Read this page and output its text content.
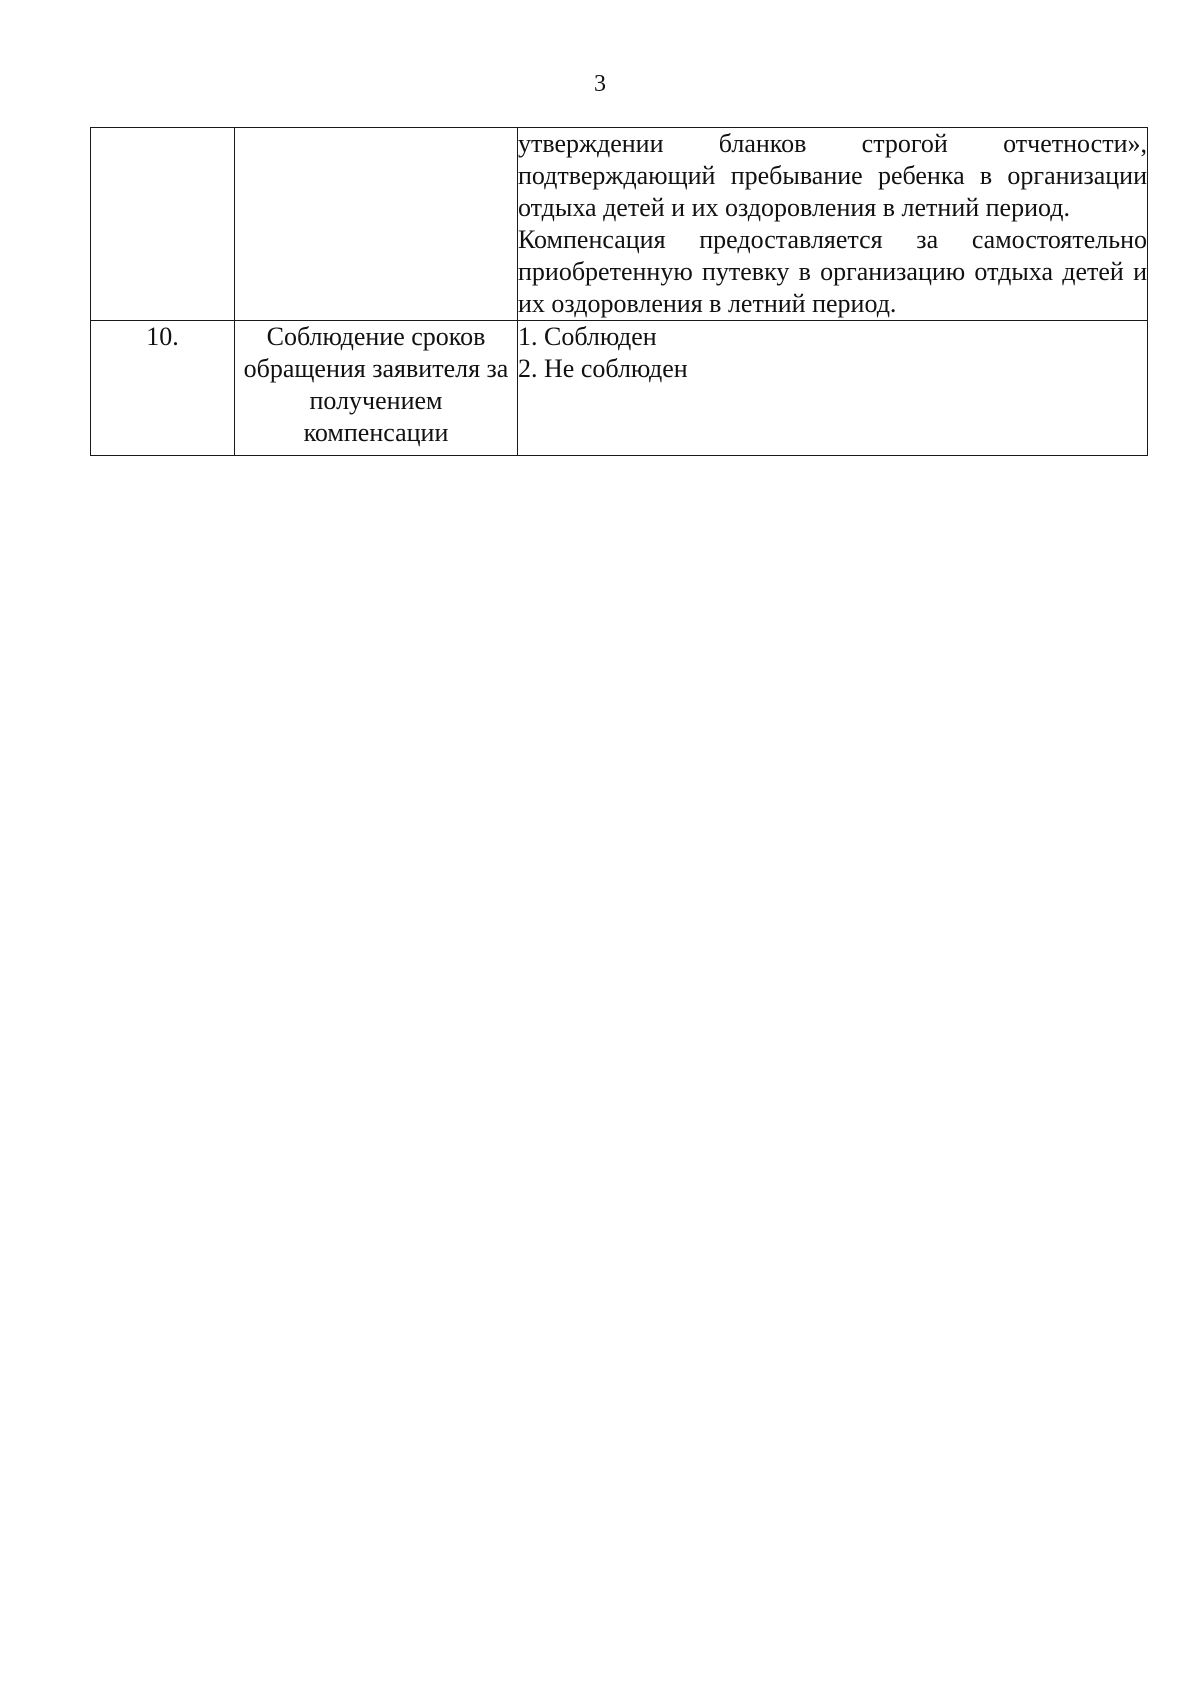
3

		утверждении бланков строгой отчетности», подтверждающий пребывание ребенка в организации отдыха детей и их оздоровления в летний период.
Компенсация предоставляется за самостоятельно приобретенную путевку в организацию отдыха детей и их оздоровления в летний период.

10.	Соблюдение сроков обращения заявителя за получением компенсации	1. Соблюден
2. Не соблюден
